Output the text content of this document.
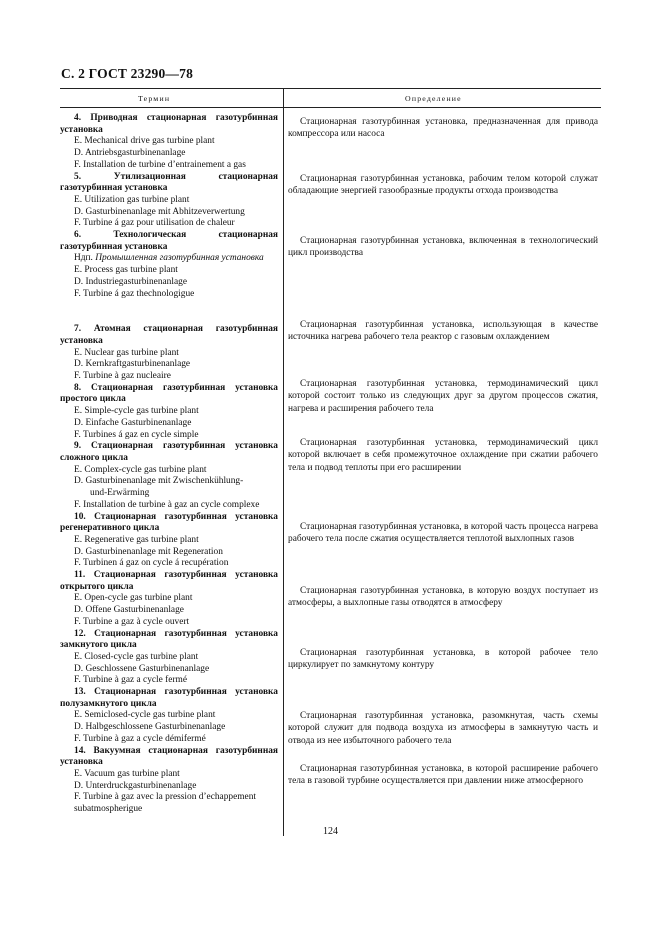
С. 2 ГОСТ 23290—78
Термин	Определение
4. Приводная стационарная газотурбинная установка
E. Mechanical drive gas turbine plant
D. Antriebsgasturbinenanlage
F. Installation de turbine d’entrainement a gas
5. Утилизационная стационарная газотурбинная установка
E. Utilization gas turbine plant
D. Gasturbinenanlage mit Abhitzeverwertung
F. Turbine á gaz pour utilisation de chaleur
6. Технологическая стационарная газотурбинная установка
Ндп. Промышленная газотурбинная установка
E. Process gas turbine plant
D. Industriegasturbinenanlage
F. Turbine á gaz thechnologigue
7. Атомная стационарная газотурбинная установка
E. Nuclear gas turbine plant
D. Kernkraftgasturbinenanlage
F. Turbine à gaz nucleaire
8. Стационарная газотурбинная установка простого цикла
E. Simple-cycle gas turbine plant
D. Einfache Gasturbinenanlage
F. Turbines á gaz en cycle simple
9. Стационарная газотурбинная установка сложного цикла
E. Complex-cycle gas turbine plant
D. Gasturbinenanlage mit Zwischenkühlung-
und-Erwärming
F. Installation de turbine à gaz an cycle complexe
10. Стационарная газотурбинная установка регенеративного цикла
E. Regenerative gas turbine plant
D. Gasturbinenanlage mit Regeneration
F. Turbinen á gaz on cycle á recupération
11. Стационарная газотурбинная установка открытого цикла
E. Open-cycle gas turbine plant
D. Offene Gasturbinenanlage
F. Turbine a gaz à cycle ouvert
12. Стационарная газотурбинная установка замкнутого цикла
E. Closed-cycle gas turbine plant
D. Geschlossene Gasturbinenanlage
F. Turbine à gaz a cycle fermé
13. Стационарная газотурбинная установка полузамкнутого цикла
E. Semiclosed-cycle gas turbine plant
D. Halbgeschlossene Gasturbinenanlage
F. Turbine à gaz a cycle démifermé
14. Вакуумная стационарная газотурбинная установка
E. Vacuum gas turbine plant
D. Unterdruckgasturbinenanlage
F. Turbine à gaz avec la pression d’echappement subatmospherigue
Стационарная газотурбинная установка, предназначенная для привода компрессора или насоса
Стационарная газотурбинная установка, рабочим телом которой служат обладающие энергией газообразные продукты отхода производства
Стационарная газотурбинная установка, включенная в технологический цикл производства
Стационарная газотурбинная установка, использующая в качестве источника нагрева рабочего тела реактор с газовым охлаждением
Стационарная газотурбинная установка, термодинамический цикл которой состоит только из следующих друг за другом процессов сжатия, нагрева и расширения рабочего тела
Стационарная газотурбинная установка, термодинамический цикл которой включает в себя промежуточное охлаждение при сжатии рабочего тела и подвод теплоты при его расширении
Стационарная газотурбинная установка, в которой часть процесса нагрева рабочего тела после сжатия осуществляется теплотой выхлопных газов
Стационарная газотурбинная установка, в которую воздух поступает из атмосферы, а выхлопные газы отводятся в атмосферу
Стационарная газотурбинная установка, в которой рабочее тело циркулирует по замкнутому контуру
Стационарная газотурбинная установка, разомкнутая, часть схемы которой служит для подвода воздуха из атмосферы в замкнутую часть и отвода из нее избыточного рабочего тела
Стационарная газотурбинная установка, в которой расширение рабочего тела в газовой турбине осуществляется при давлении ниже атмосферного
124
